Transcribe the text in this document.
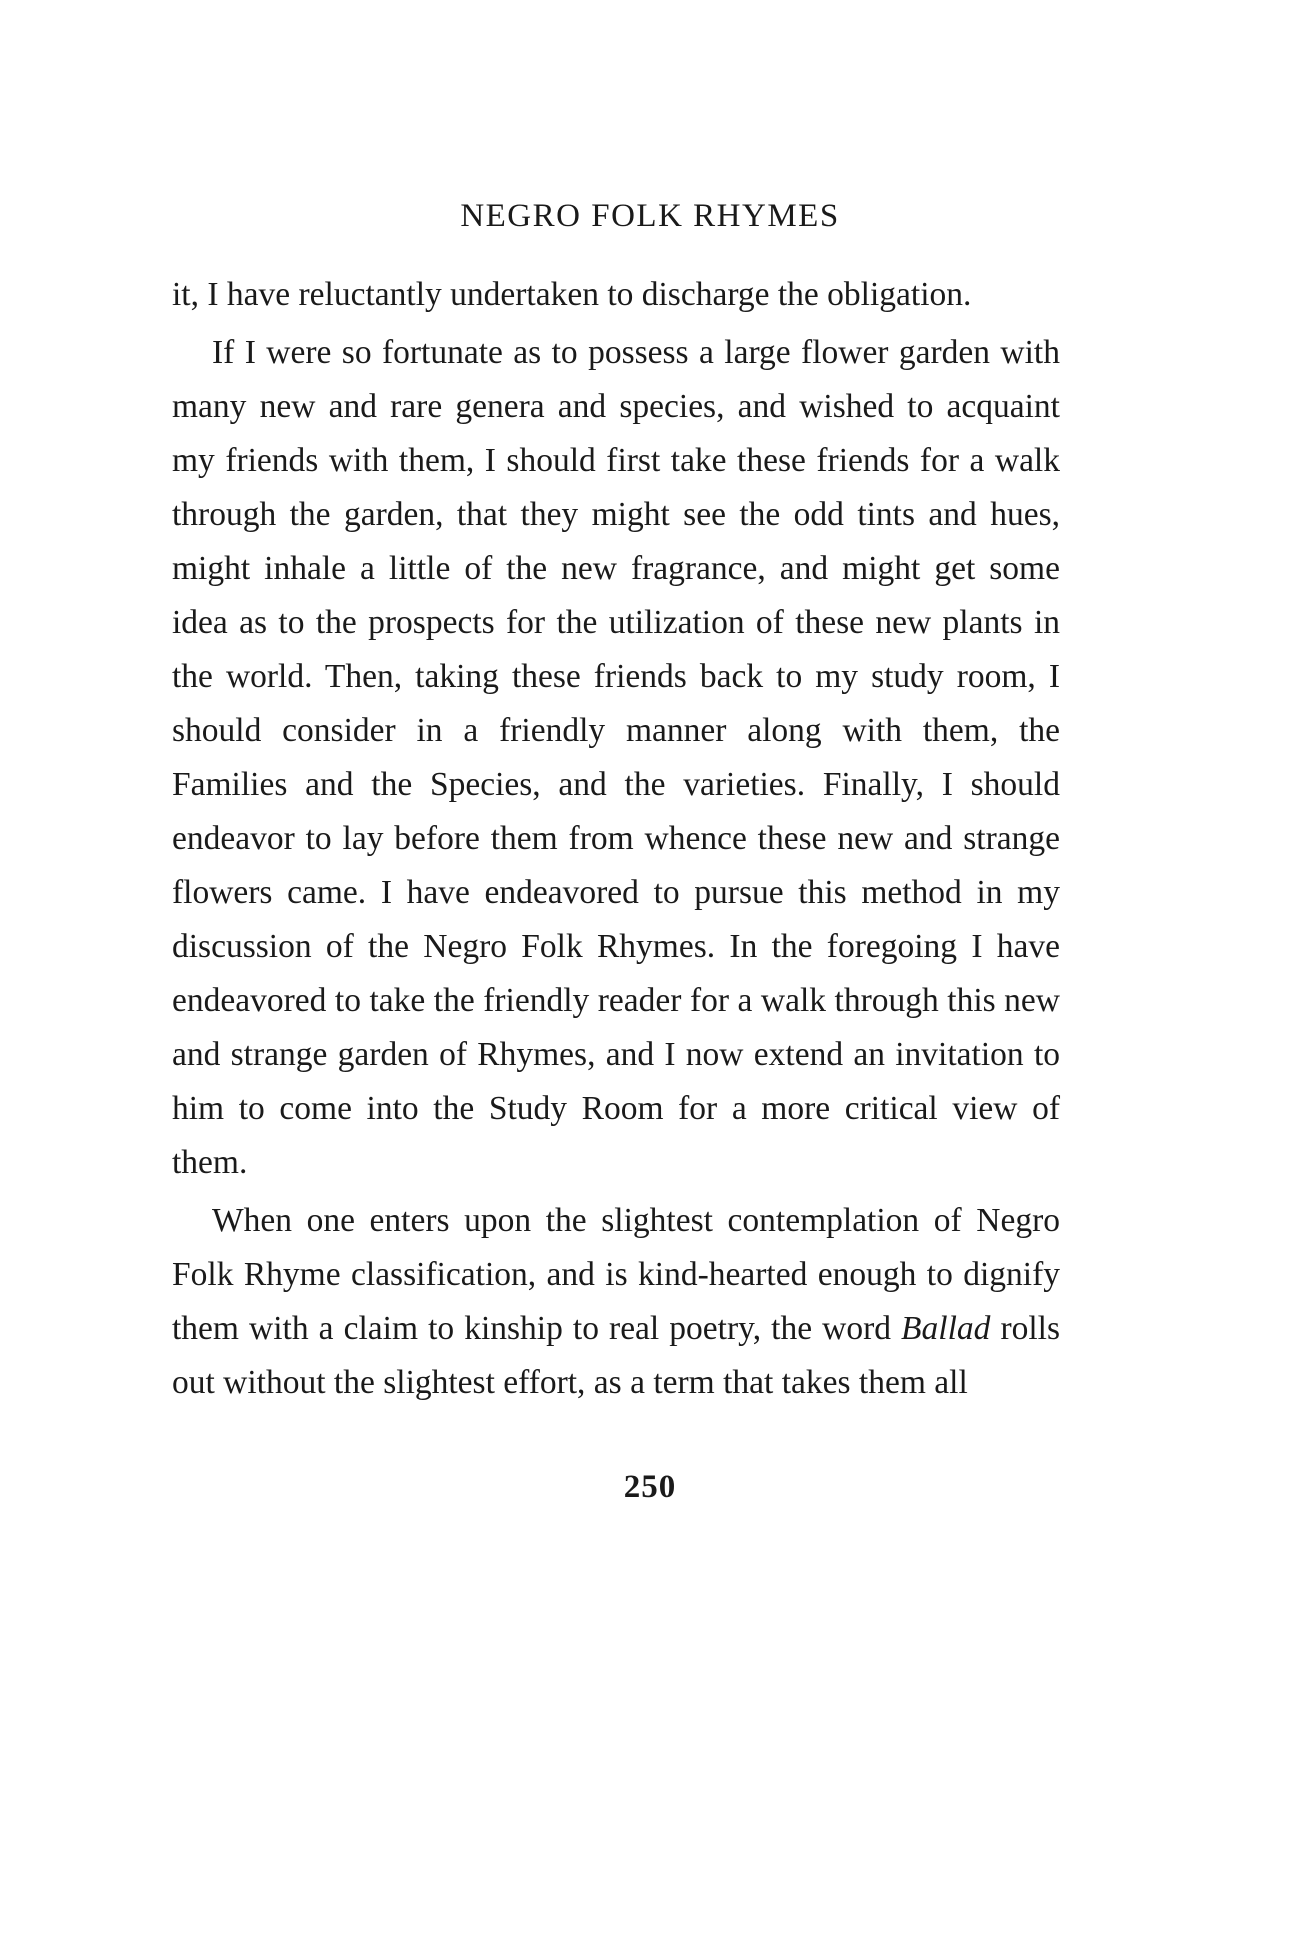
NEGRO FOLK RHYMES

it, I have reluctantly undertaken to discharge the obligation.

If I were so fortunate as to possess a large flower garden with many new and rare genera and species, and wished to acquaint my friends with them, I should first take these friends for a walk through the garden, that they might see the odd tints and hues, might inhale a little of the new fragrance, and might get some idea as to the prospects for the utilization of these new plants in the world. Then, taking these friends back to my study room, I should consider in a friendly manner along with them, the Families and the Species, and the varieties. Finally, I should endeavor to lay before them from whence these new and strange flowers came. I have endeavored to pursue this method in my discussion of the Negro Folk Rhymes. In the foregoing I have endeavored to take the friendly reader for a walk through this new and strange garden of Rhymes, and I now extend an invitation to him to come into the Study Room for a more critical view of them.

When one enters upon the slightest contemplation of Negro Folk Rhyme classification, and is kind-hearted enough to dignify them with a claim to kinship to real poetry, the word Ballad rolls out without the slightest effort, as a term that takes them all

250
